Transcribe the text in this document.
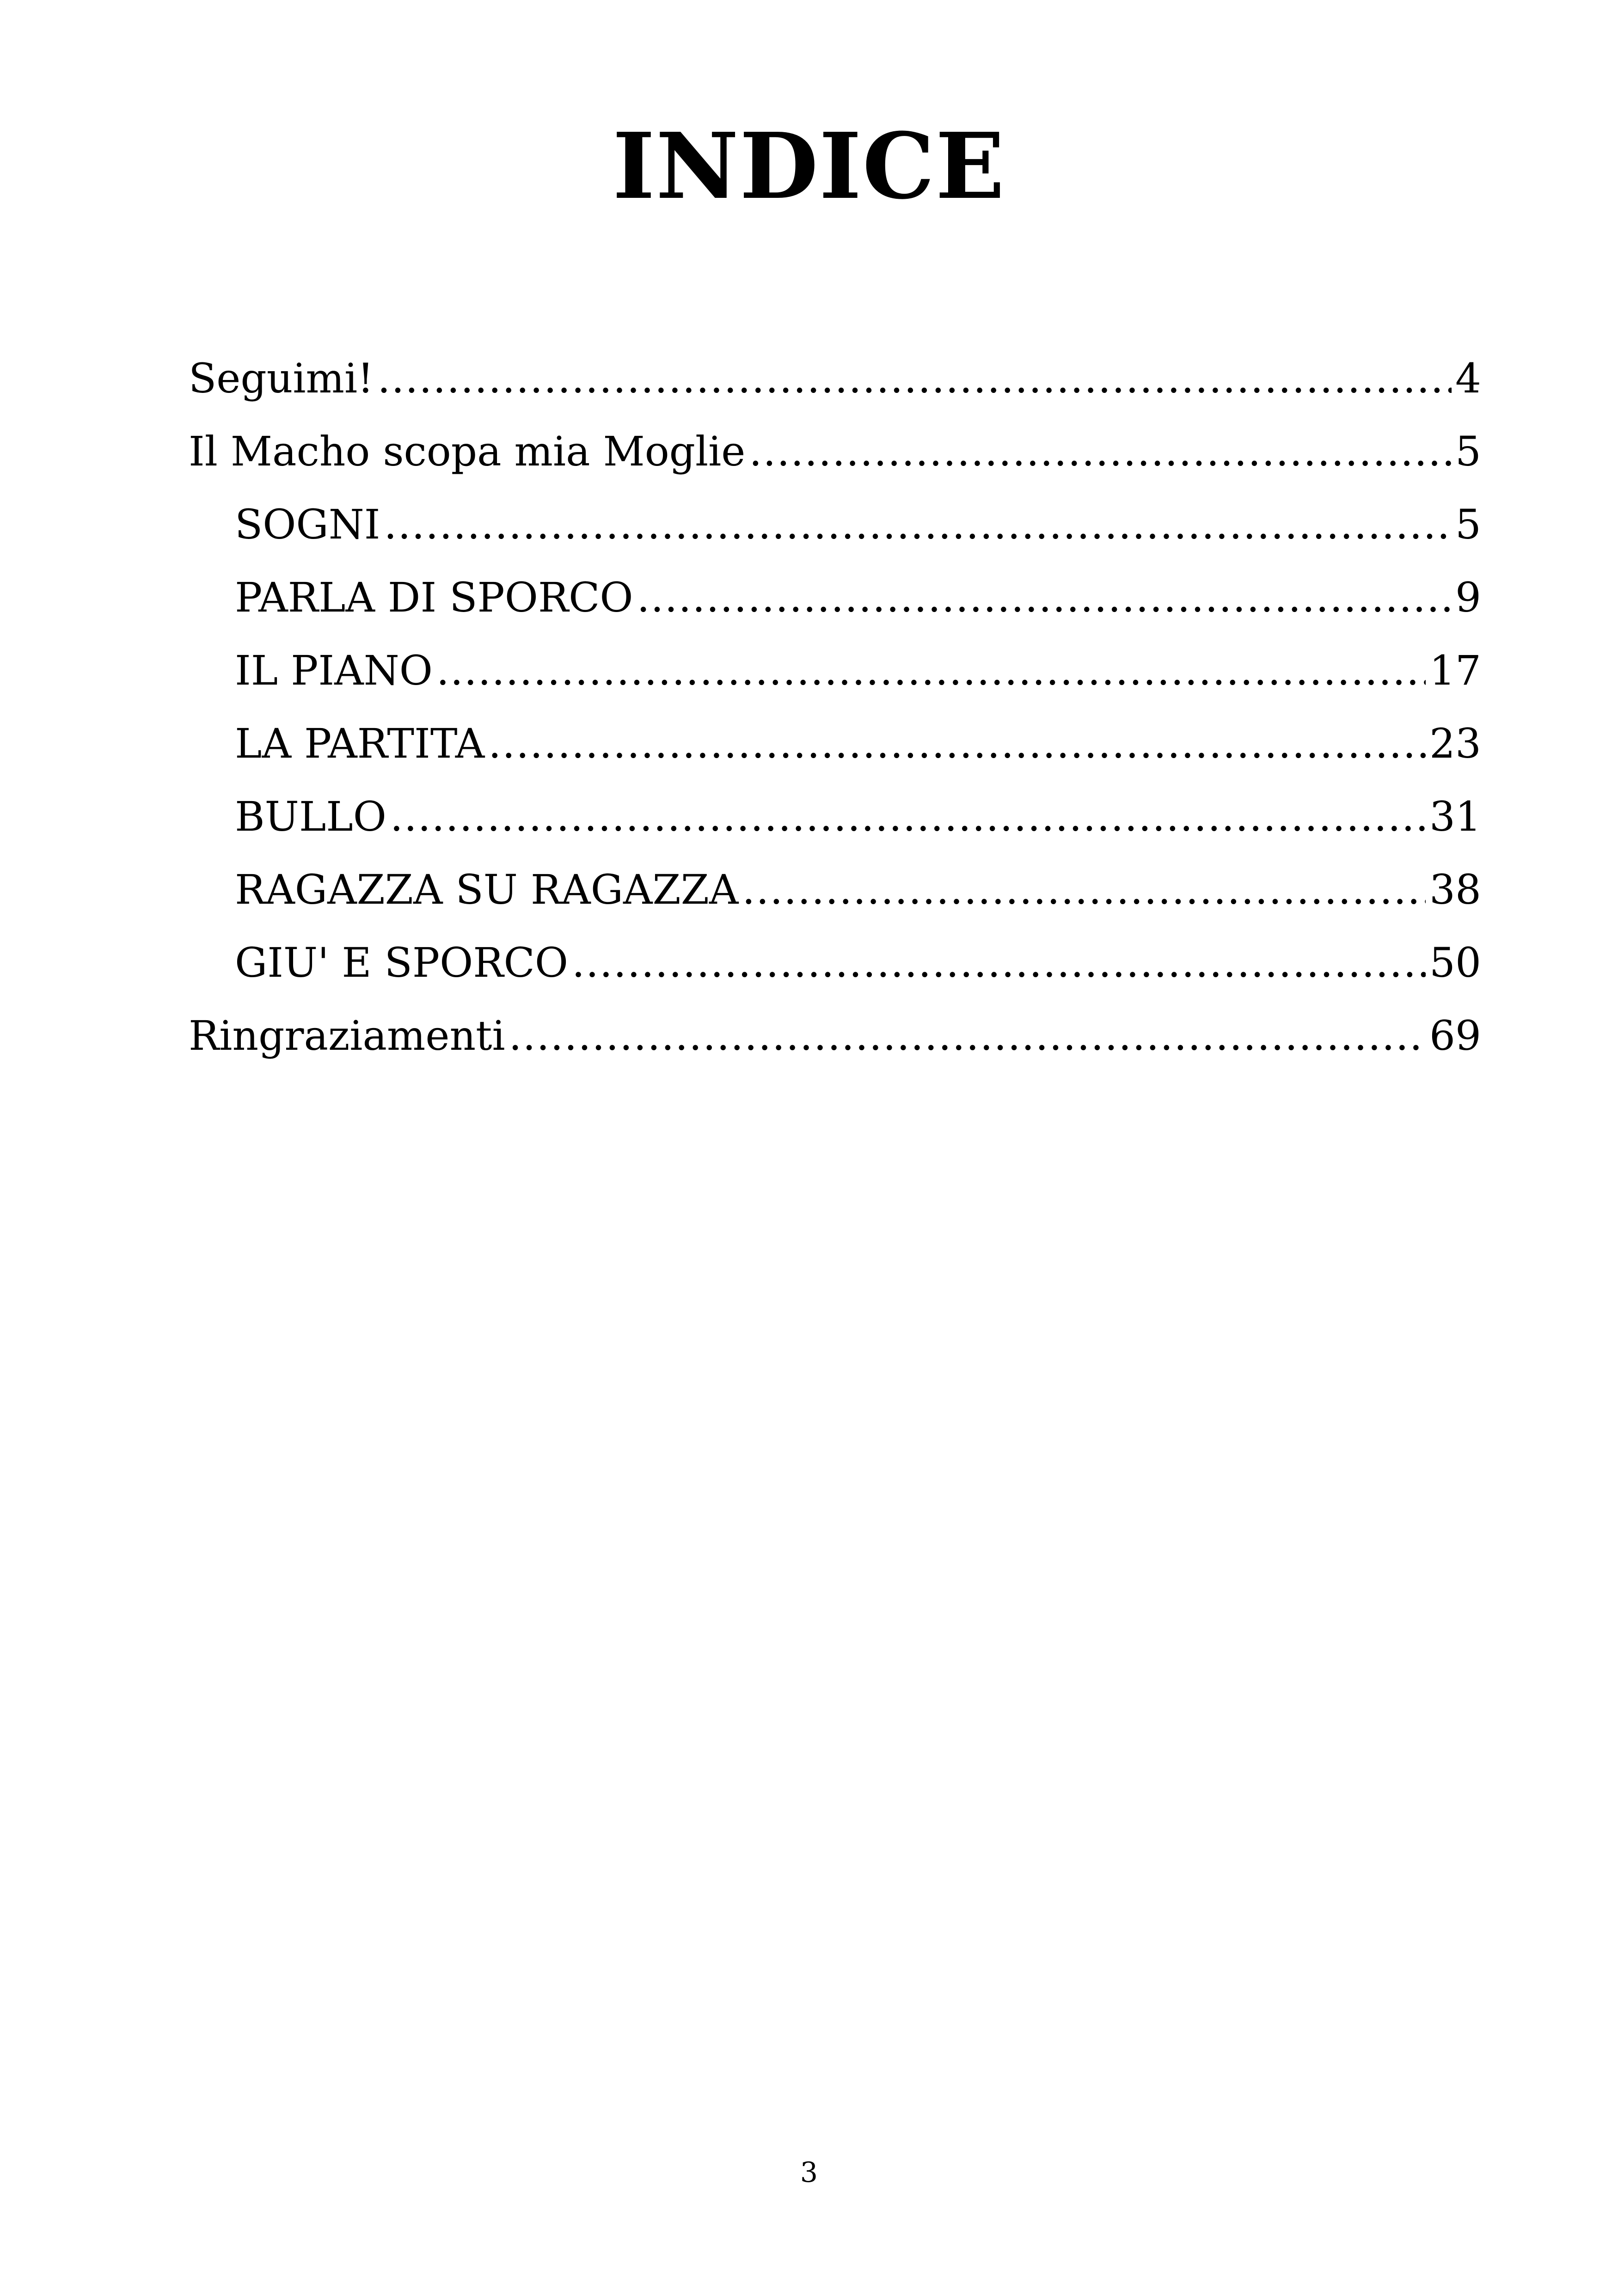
INDICE
Seguimi! .....	4
Il Macho scopa mia Moglie .....	5
SOGNI .....	5
PARLA DI SPORCO .....	9
IL PIANO .....	17
LA PARTITA .....	23
BULLO .....	31
RAGAZZA SU RAGAZZA .....	38
GIU' E SPORCO .....	50
Ringraziamenti .....	69
3
